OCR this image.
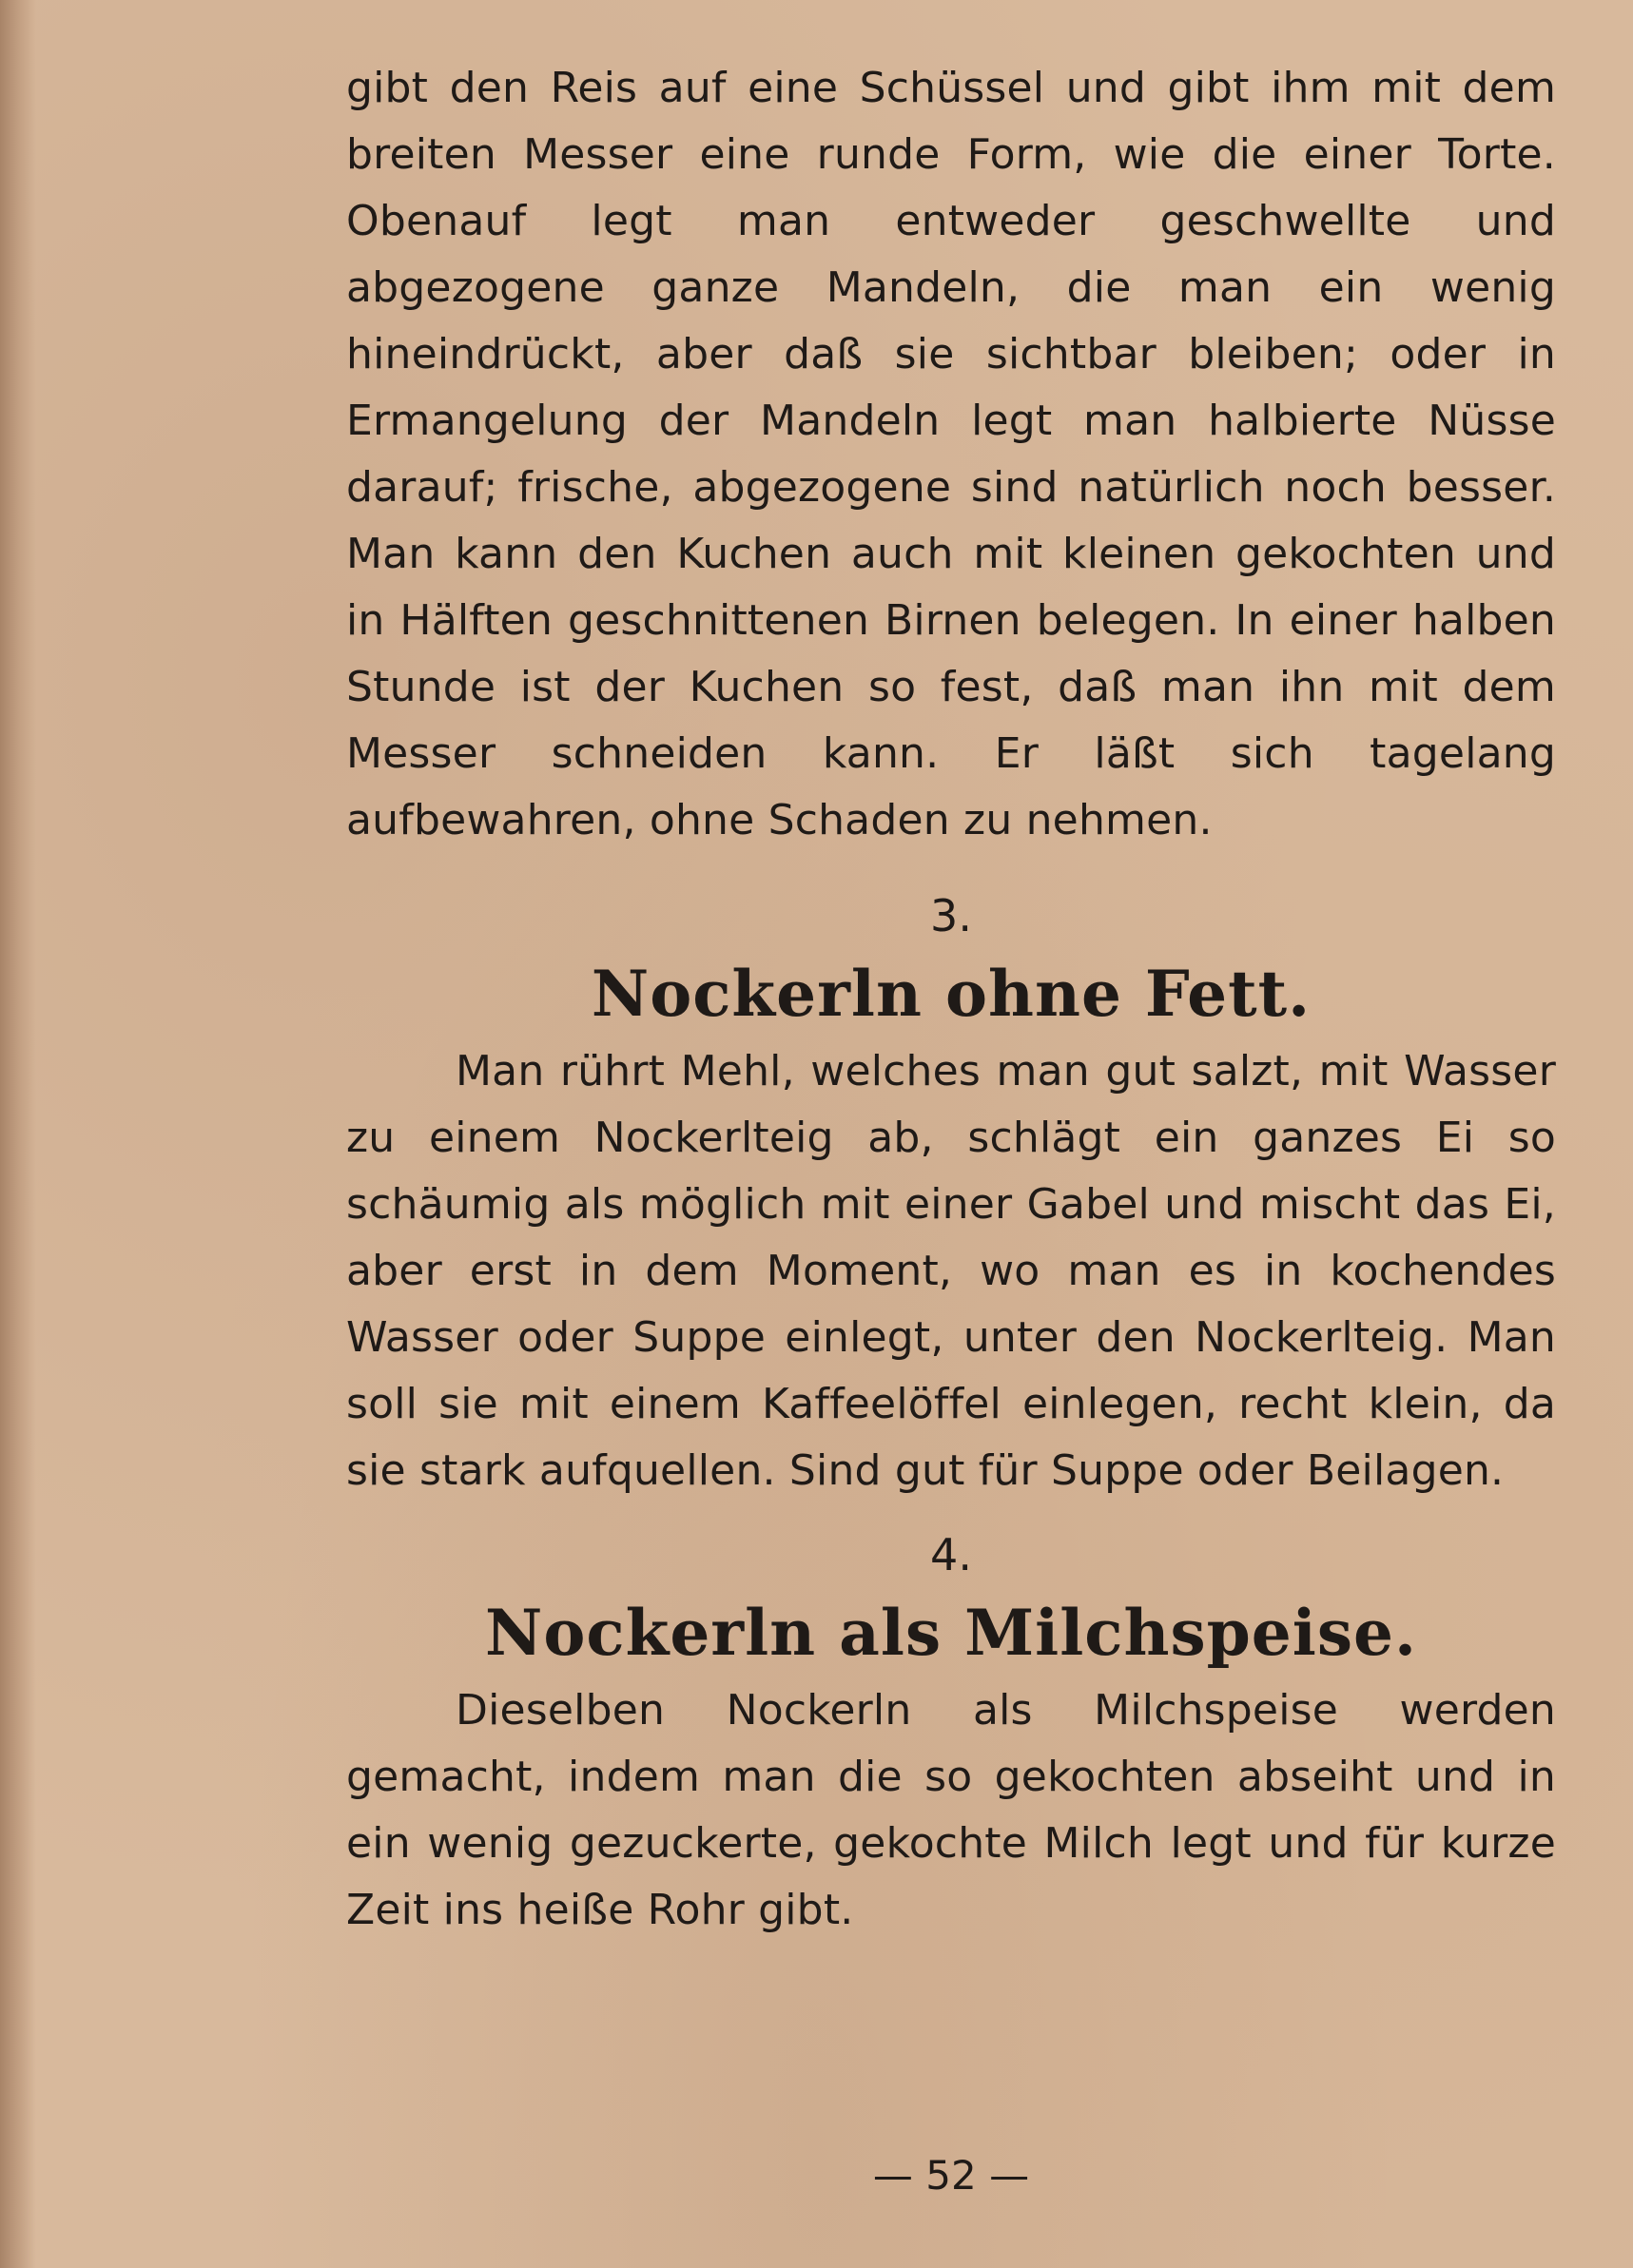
gibt den Reis auf eine Schüssel und gibt ihm mit dem breiten Messer eine runde Form, wie die einer Torte. Obenauf legt man entweder geschwellte und abgezogene ganze Mandeln, die man ein wenig hineindrückt, aber daß sie sichtbar bleiben; oder in Ermangelung der Mandeln legt man halbierte Nüsse darauf; frische, abgezogene sind natürlich noch besser. Man kann den Kuchen auch mit kleinen gekochten und in Hälften geschnittenen Birnen belegen. In einer halben Stunde ist der Kuchen so fest, daß man ihn mit dem Messer schneiden kann. Er läßt sich tagelang aufbewahren, ohne Schaden zu nehmen.

3.

Nockerln ohne Fett.

Man rührt Mehl, welches man gut salzt, mit Wasser zu einem Nockerlteig ab, schlägt ein ganzes Ei so schäumig als möglich mit einer Gabel und mischt das Ei, aber erst in dem Moment, wo man es in kochendes Wasser oder Suppe einlegt, unter den Nockerlteig. Man soll sie mit einem Kaffeelöffel einlegen, recht klein, da sie stark aufquellen. Sind gut für Suppe oder Beilagen.

4.

Nockerln als Milchspeise.

Dieselben Nockerln als Milchspeise werden gemacht, indem man die so gekochten abseiht und in ein wenig gezuckerte, gekochte Milch legt und für kurze Zeit ins heiße Rohr gibt.

— 52 —
